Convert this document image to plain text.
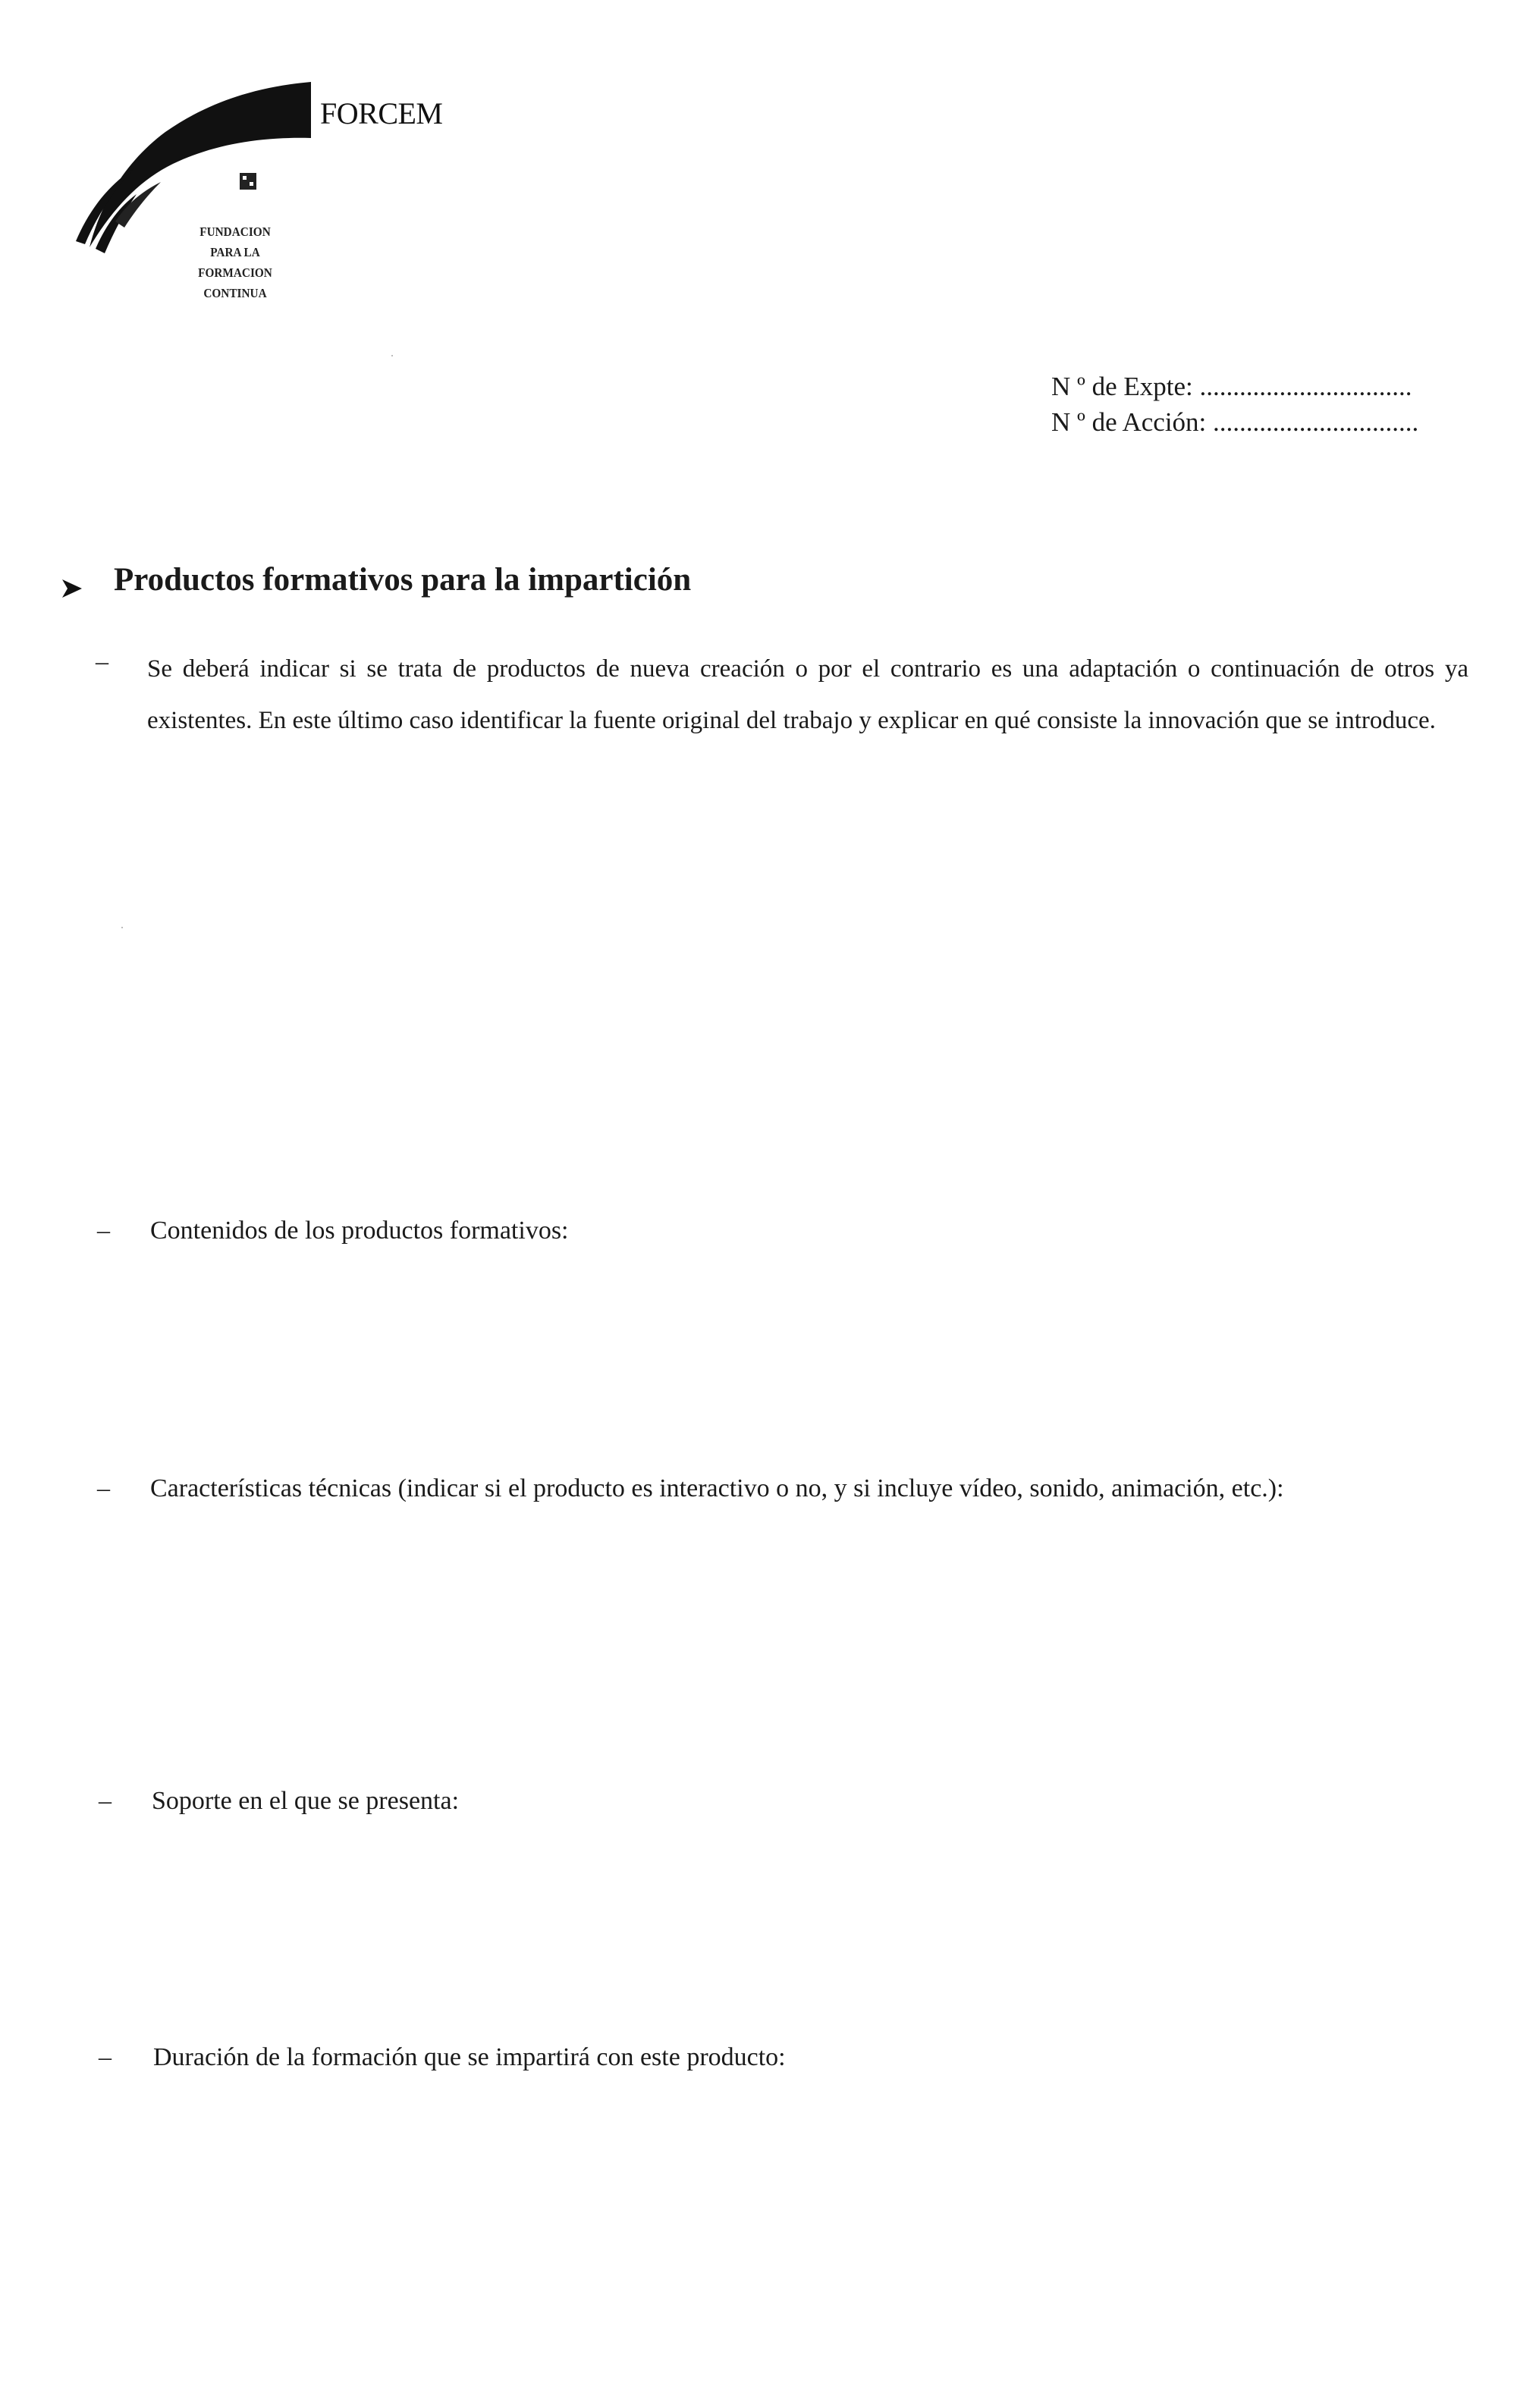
FORCEM
FUNDACION
PARA LA
FORMACION
CONTINUA
N º de Expte: ................................
N º de Acción: ...............................
Productos formativos para la impartición
– Se deberá indicar si se trata de productos de nueva creación o por el contrario es una adaptación o continuación de otros ya existentes. En este último caso identificar la fuente original del trabajo y explicar en qué consiste la innovación que se introduce.
– Contenidos de los productos formativos:
– Características técnicas (indicar si el producto es interactivo o no, y si incluye vídeo, sonido, animación, etc.):
– Soporte en el que se presenta:
– Duración de la formación que se impartirá con este producto:
